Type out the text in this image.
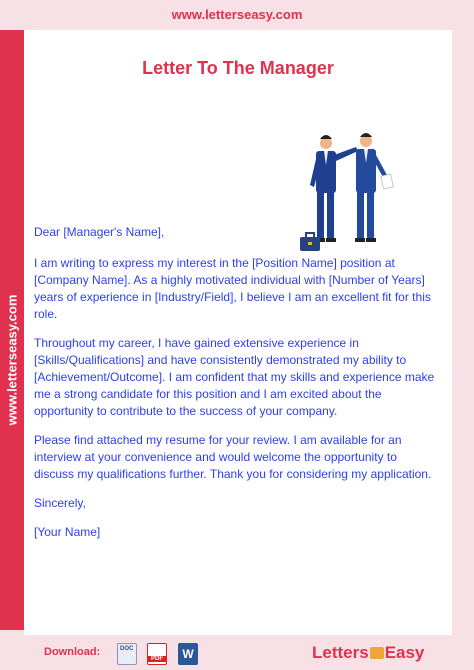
www.letterseasy.com
www.letterseasy.com
Letter To The Manager

Dear [Manager's Name],

I am writing to express my interest in the [Position Name] position at [Company Name]. As a highly motivated individual with [Number of Years] years of experience in [Industry/Field], I believe I am an excellent fit for this role.

Throughout my career, I have gained extensive experience in [Skills/Qualifications] and have consistently demonstrated my ability to [Achievement/Outcome]. I am confident that my skills and experience make me a strong candidate for this position and I am excited about the opportunity to contribute to the success of your company.

Please find attached my resume for your review. I am available for an interview at your convenience and would welcome the opportunity to discuss my qualifications further. Thank you for considering my application.

Sincerely,

[Your Name]

Download:	DOC
PDF	W	Letters Easy
